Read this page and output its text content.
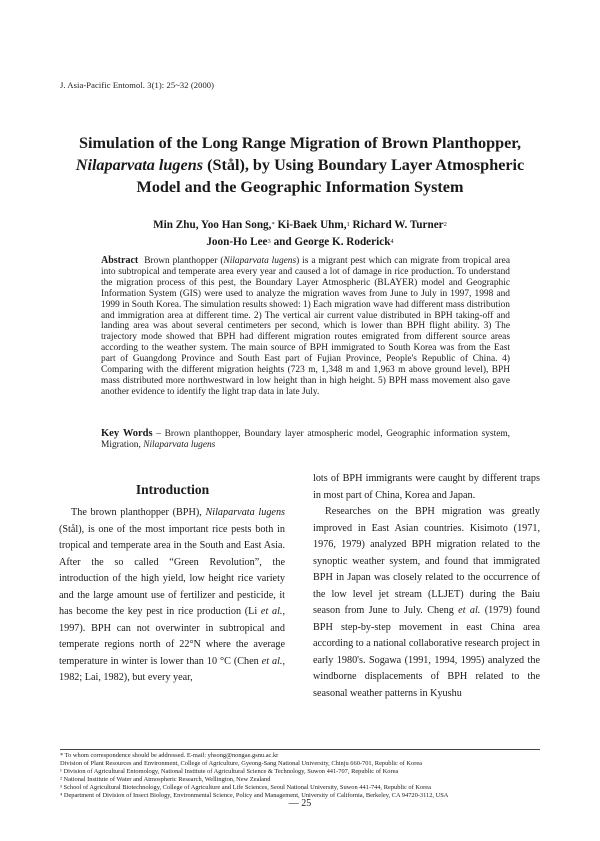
J. Asia-Pacific Entomol. 3(1): 25~32 (2000)
Simulation of the Long Range Migration of Brown Planthopper,
Nilaparvata lugens (Stål), by Using Boundary Layer Atmospheric
Model and the Geographic Information System
Min Zhu, Yoo Han Song,* Ki-Baek Uhm,$^1$ Richard W. Turner$^2$
Joon-Ho Lee$^3$ and George K. Roderick$^4$
Abstract Brown planthopper (Nilaparvata lugens) is a migrant pest which can migrate from tropical area into subtropical and temperate area every year and caused a lot of damage in rice production. To understand the migration process of this pest, the Boundary Layer Atmospheric (BLAYER) model and Geographic Information System (GIS) were used to analyze the migration waves from June to July in 1997, 1998 and 1999 in South Korea. The simulation results showed: 1) Each migration wave had different mass distribution and immigration area at different time. 2) The vertical air current value distributed in BPH taking-off and landing area was about several centimeters per second, which is lower than BPH flight ability. 3) The trajectory mode showed that BPH had different migration routes emigrated from different source areas according to the weather system. The main source of BPH immigrated to South Korea was from the East part of Guangdong Province and South East part of Fujian Province, People's Republic of China. 4) Comparing with the different migration heights (723 m, 1,348 m and 1,963 m above ground level), BPH mass distributed more northwestward in low height than in high height. 5) BPH mass movement also gave another evidence to identify the light trap data in late July.
Key Words – Brown planthopper, Boundary layer atmospheric model, Geographic information system, Migration, Nilaparvata lugens
Introduction

The brown planthopper (BPH), Nilaparvata lugens (Stål), is one of the most important rice pests both in tropical and temperate area in the South and East Asia. After the so called “Green Revolution”, the introduction of the high yield, low height rice variety and the large amount use of fertilizer and pesticide, it has become the key pest in rice production (Li et al., 1997). BPH can not overwinter in subtropical and temperate regions north of 22°N where the average temperature in winter is lower than 10 °C (Chen et al., 1982; Lai, 1982), but every year,

lots of BPH immigrants were caught by different traps in most part of China, Korea and Japan.

Researches on the BPH migration was greatly improved in East Asian countries. Kisimoto (1971, 1976, 1979) analyzed BPH migration related to the synoptic weather system, and found that immigrated BPH in Japan was closely related to the occurrence of the low level jet stream (LLJET) during the Baiu season from June to July. Cheng et al. (1979) found BPH step-by-step movement in east China area according to a national collaborative research project in early 1980's. Sogawa (1991, 1994, 1995) analyzed the windborne displacements of BPH related to the seasonal weather patterns in Kyushu

* To whom correspondence should be addressed. E-mail: yhsong@nongae.gsnu.ac.kr
Division of Plant Resources and Environment, College of Agriculture, Gyeong-Sang National University, Chinju 660-701, Republic of Korea
¹ Division of Agricultural Entomology, National Institute of Agricultural Science & Technology, Suwon 441-707, Republic of Korea
² National Institute of Water and Atmospheric Research, Wellington, New Zealand
³ School of Agricultural Biotechnology, College of Agriculture and Life Sciences, Seoul National University, Suwon 441-744, Republic of Korea
⁴ Department of Division of Insect Biology, Environmental Science, Policy and Management, University of California, Berkeley, CA 94720-3112, USA
— 25
